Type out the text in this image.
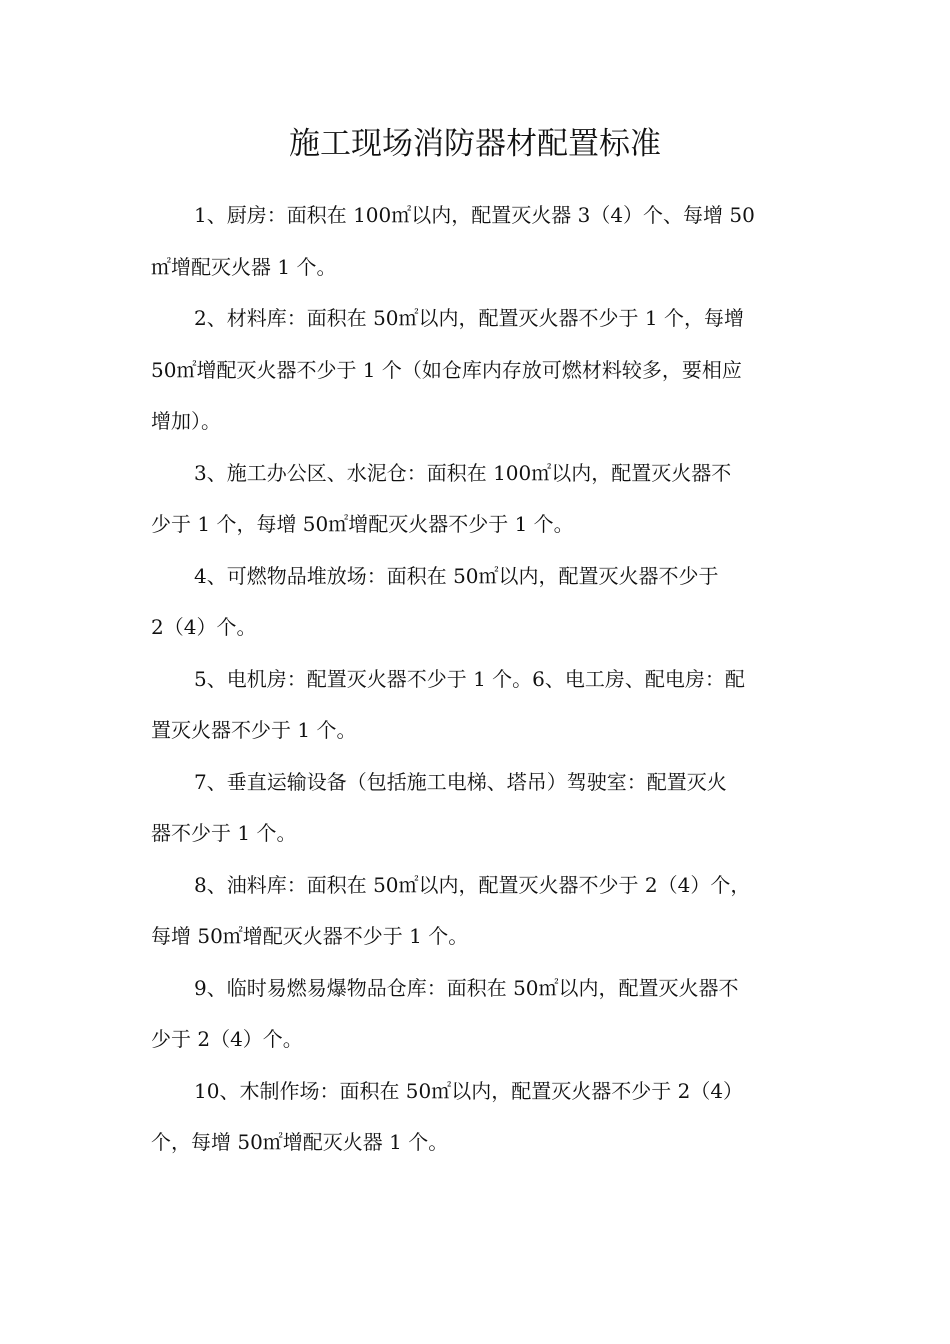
施工现场消防器材配置标准

1、厨房：面积在 100㎡以内，配置灭火器 3（4）个、每增 50
㎡增配灭火器 1 个。

2、材料库：面积在 50㎡以内，配置灭火器不少于 1 个，每增
50㎡增配灭火器不少于 1 个（如仓库内存放可燃材料较多，要相应
增加）。

3、施工办公区、水泥仓：面积在 100㎡以内，配置灭火器不
少于 1 个，每增 50㎡增配灭火器不少于 1 个。

4、可燃物品堆放场：面积在 50㎡以内，配置灭火器不少于
2（4）个。

5、电机房：配置灭火器不少于 1 个。6、电工房、配电房：配
置灭火器不少于 1 个。

7、垂直运输设备（包括施工电梯、塔吊）驾驶室：配置灭火
器不少于 1 个。

8、油料库：面积在 50㎡以内，配置灭火器不少于 2（4）个，
每增 50㎡增配灭火器不少于 1 个。

9、临时易燃易爆物品仓库：面积在 50㎡以内，配置灭火器不
少于 2（4）个。

10、木制作场：面积在 50㎡以内，配置灭火器不少于 2（4）
个，每增 50㎡增配灭火器 1 个。
